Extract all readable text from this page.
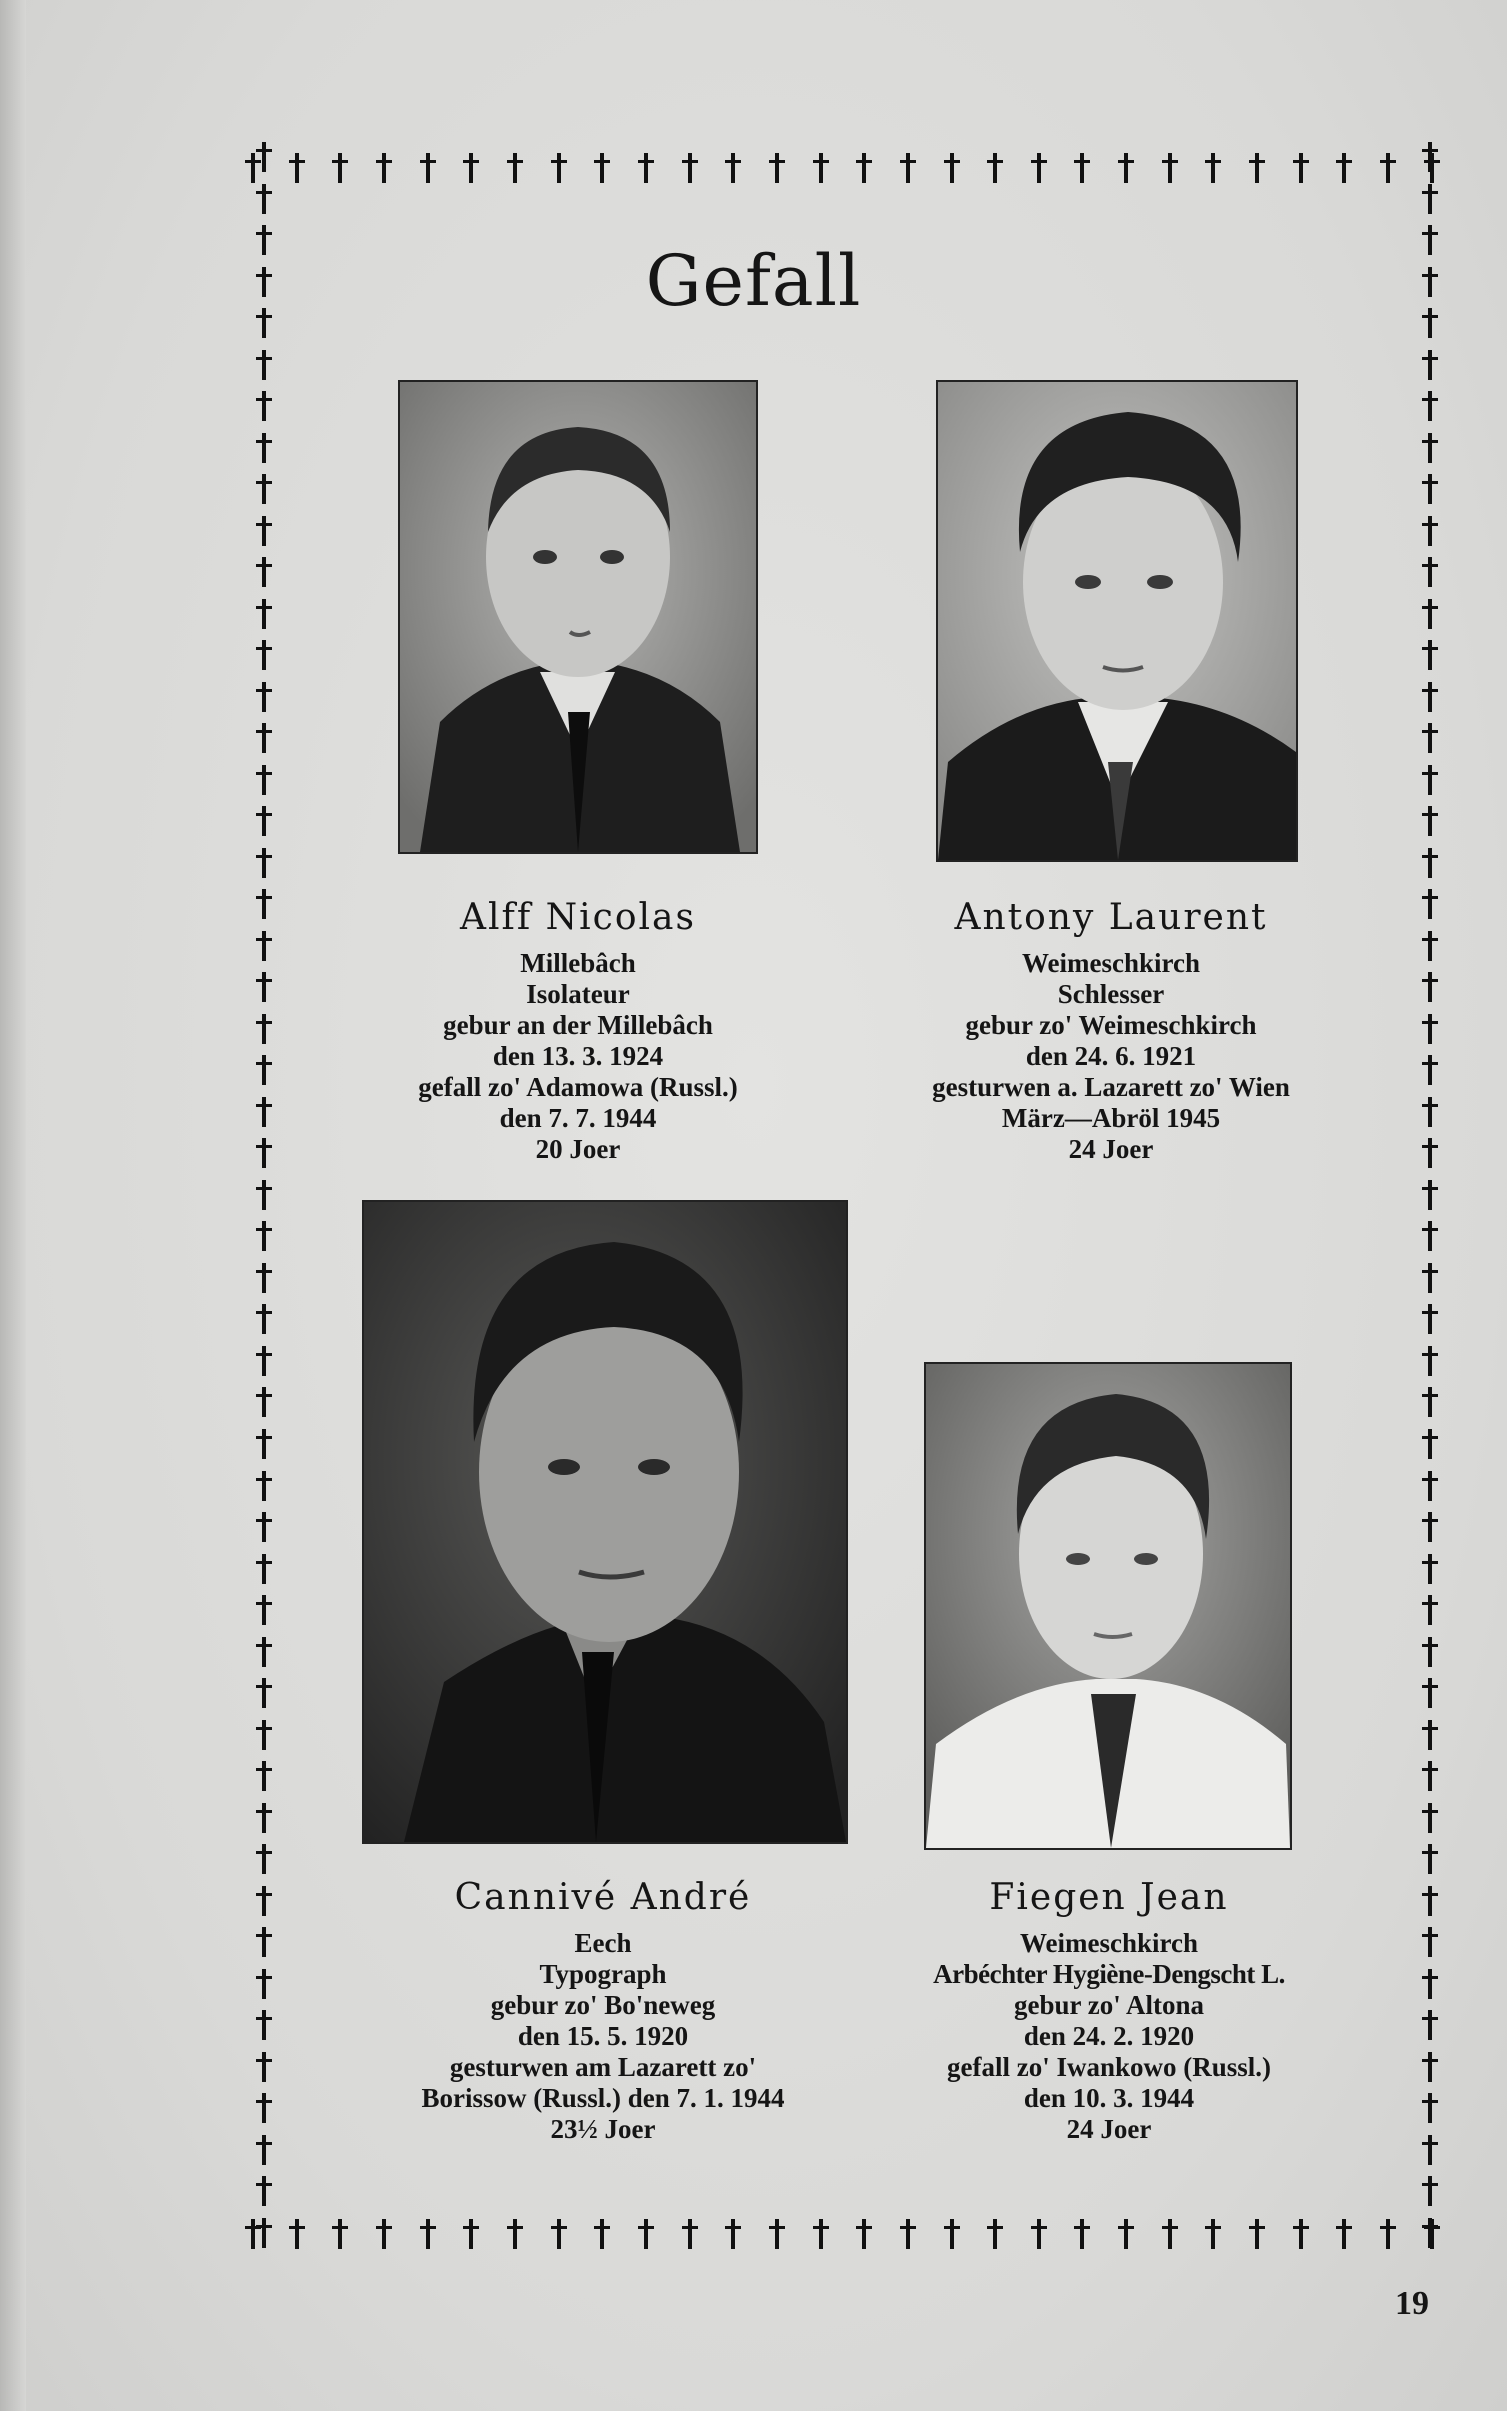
Gefall
Alff Nicolas
Millebâch
Isolateur
gebur an der Millebâch
den 13. 3. 1924
gefall zo' Adamowa (Russl.)
den 7. 7. 1944
20 Joer
Antony Laurent
Weimeschkirch
Schlesser
gebur zo' Weimeschkirch
den 24. 6. 1921
gesturwen a. Lazarett zo' Wien
März—Abröl 1945
24 Joer
Cannivé André
Eech
Typograph
gebur zo' Bo'neweg
den 15. 5. 1920
gesturwen am Lazarett zo'
Borissow (Russl.) den 7. 1. 1944
23½ Joer
Fiegen Jean
Weimeschkirch
Arbéchter Hygiène-Dengscht L.
gebur zo' Altona
den 24. 2. 1920
gefall zo' Iwankowo (Russl.)
den 10. 3. 1944
24 Joer
19
